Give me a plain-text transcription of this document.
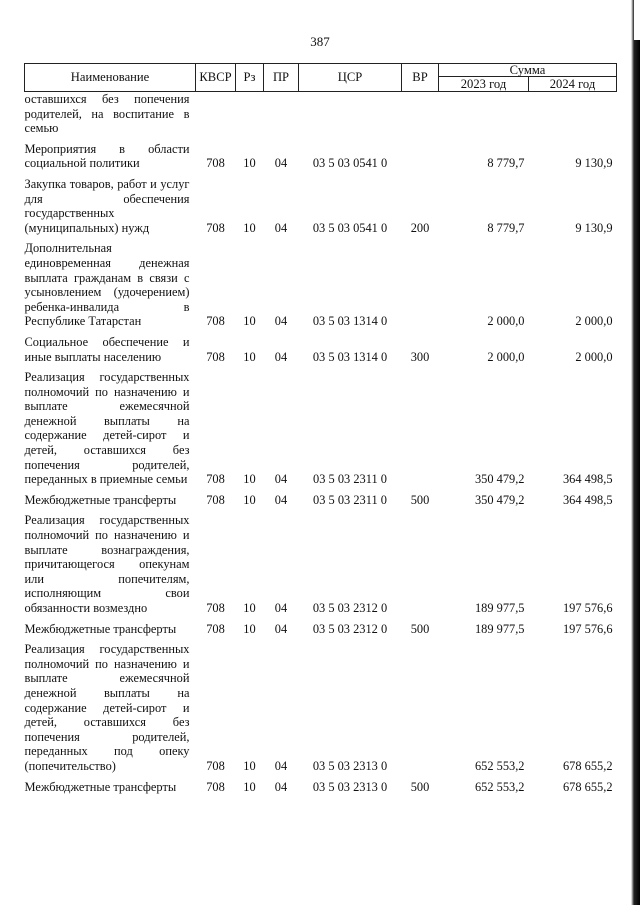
387
Наименование	КВСР	Рз	ПР	ЦСР	ВР	Сумма	
						2023 год	2024 год
оставшихся без попечения родителей, на воспитание в семью							
Мероприятия в области социальной политики	708	10	04	03 5 03 0541 0		8 779,7	9 130,9
Закупка товаров, работ и услуг для обеспечения государственных (муниципальных) нужд	708	10	04	03 5 03 0541 0	200	8 779,7	9 130,9
Дополнительная единовременная денежная выплата гражданам в связи с усыновлением (удочерением) ребенка-инвалида в Республике Татарстан	708	10	04	03 5 03 1314 0		2 000,0	2 000,0
Социальное обеспечение и иные выплаты населению	708	10	04	03 5 03 1314 0	300	2 000,0	2 000,0
Реализация государственных полномочий по назначению и выплате ежемесячной денежной выплаты на содержание детей-сирот и детей, оставшихся без попечения родителей, переданных в приемные семьи	708	10	04	03 5 03 2311 0		350 479,2	364 498,5
Межбюджетные трансферты	708	10	04	03 5 03 2311 0	500	350 479,2	364 498,5
Реализация государственных полномочий по назначению и выплате вознаграждения, причитающегося опекунам или попечителям, исполняющим свои обязанности возмездно	708	10	04	03 5 03 2312 0		189 977,5	197 576,6
Межбюджетные трансферты	708	10	04	03 5 03 2312 0	500	189 977,5	197 576,6
Реализация государственных полномочий по назначению и выплате ежемесячной денежной выплаты на содержание детей-сирот и детей, оставшихся без попечения родителей, переданных под опеку (попечительство)	708	10	04	03 5 03 2313 0		652 553,2	678 655,2
Межбюджетные трансферты	708	10	04	03 5 03 2313 0	500	652 553,2	678 655,2
